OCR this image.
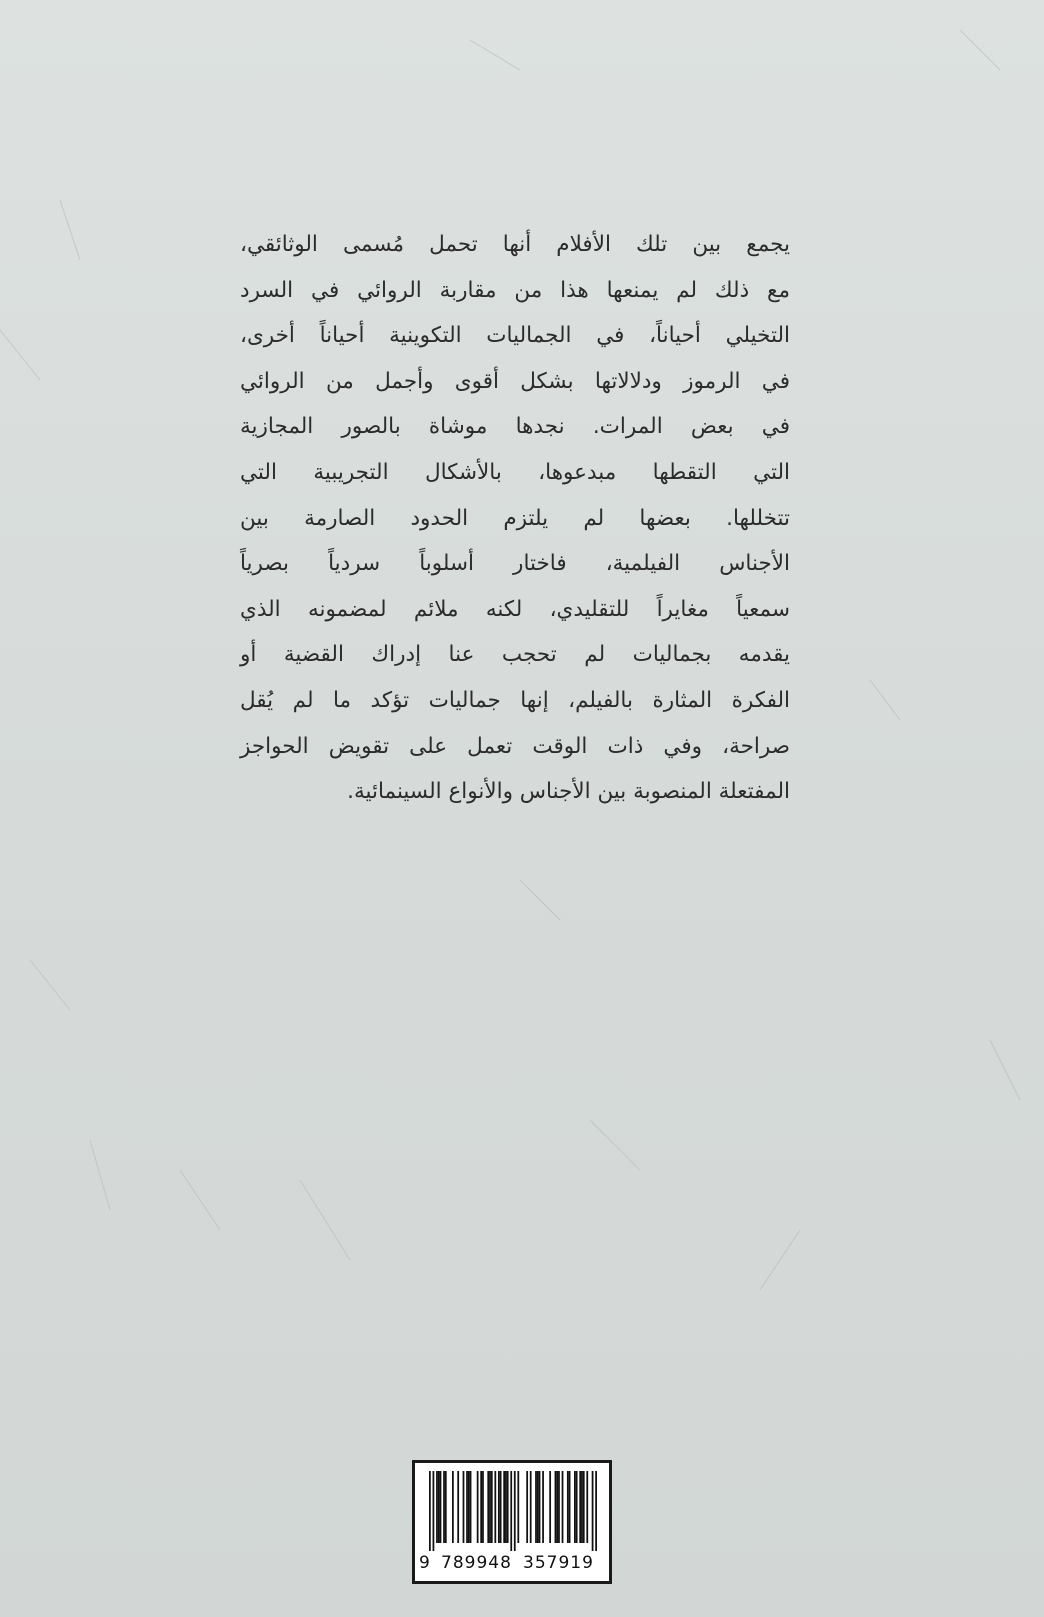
يجمع بين تلك الأفلام أنها تحمل مُسمى الوثائقي،
مع ذلك لم يمنعها هذا من مقاربة الروائي في السرد
التخيلي أحياناً، في الجماليات التكوينية أحياناً أخرى،
في الرموز ودلالاتها بشكل أقوى وأجمل من الروائي
في بعض المرات. نجدها موشاة بالصور المجازية
التي التقطها مبدعوها، بالأشكال التجريبية التي
تتخللها. بعضها لم يلتزم الحدود الصارمة بين
الأجناس الفيلمية، فاختار أسلوباً سردياً بصرياً
سمعياً مغايراً للتقليدي، لكنه ملائم لمضمونه الذي
يقدمه بجماليات لم تحجب عنا إدراك القضية أو
الفكرة المثارة بالفيلم، إنها جماليات تؤكد ما لم يُقل
صراحة، وفي ذات الوقت تعمل على تقويض الحواجز
المفتعلة المنصوبة بين الأجناس والأنواع السينمائية.
9 789948 357919
